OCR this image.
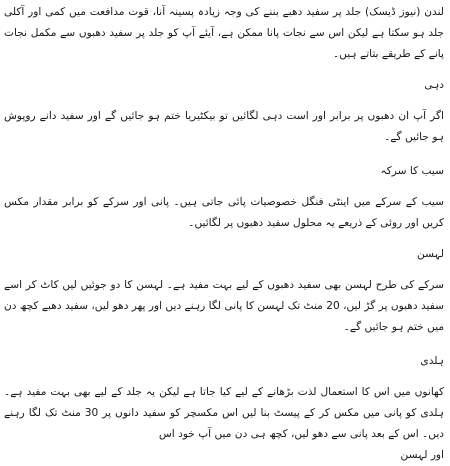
لندن (نیوز ڈیسک) جلد پر سفید دھبے بننے کی وجہ زیادہ پسینہ آنا، قوت مدافعت میں کمی اور آکلی جلد ہو سکتا ہے لیکن اس سے نجات پانا ممکن ہے، آیئے آپ کو جلد پر سفید دھبوں سے مکمل نجات پانے کے طریقے بتاتے ہیں۔

دہی

اگر آپ ان دھبوں پر برابر اور است دہی لگائیں تو بیکٹیریا ختم ہو جائیں گے اور سفید دانے روپوش ہو جائیں گے۔

سیب کا سرکہ

سیب کے سرکے میں اینٹی فنگل خصوصیات پائی جاتی ہیں۔ پانی اور سرکے کو برابر مقدار مکس کریں اور روئی کے ذریعے یہ محلول سفید دھبوں پر لگائیں۔

لہسن

سرکے کی طرح لہسن بھی سفید دھبوں کے لیے بہت مفید ہے۔ لہسن کا دو جوئیں لیں کاٹ کر اسے سفید دھبوں پر گڑ لیں، 20 منٹ تک لہسن کا پانی لگا رہنے دیں اور پھر دھو لیں، سفید دھبے کچھ دن میں ختم ہو جائیں گے۔

ہلدی

کھانوں میں اس کا استعمال لذت بڑھانے کے لیے کیا جاتا ہے لیکن یہ جلد کے لیے بھی بہت مفید ہے۔ ہلدی کو پانی میں مکس کر کے پیسٹ بنا لیں اس مکسچر کو سفید دانوں پر 30 منٹ تک لگا رہنے دیں۔ اس کے بعد پانی سے دھو لیں، کچھ ہی دن میں آپ خود اس

اور لہسن
